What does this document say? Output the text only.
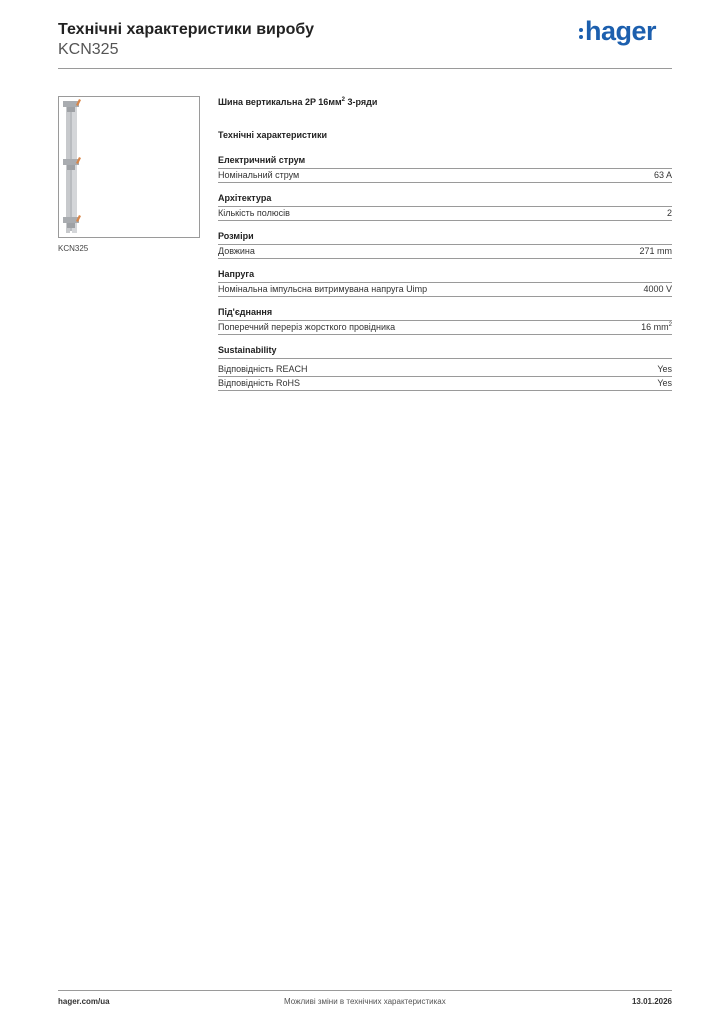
Технічні характеристики виробу
KCN325
hager
KCN325
Шина вертикальна 2P $16мм^2$ 3-ряди
Технічні характеристики
Електричний струм
Номінальний струм	63 A
Архітектура
Кількість полюсів	2
Розміри
Довжина	271 mm
Напруга
Номінальна імпульсна витримувана напруга Uimp	4000 V
Під'єднання
Поперечний переріз жорсткого провідника	16 $mm^2$
Sustainability
Відповідність REACH	Yes
Відповідність RoHS	Yes
hager.com/ua	Можливі зміни в технічних характеристиках	13.01.2026
